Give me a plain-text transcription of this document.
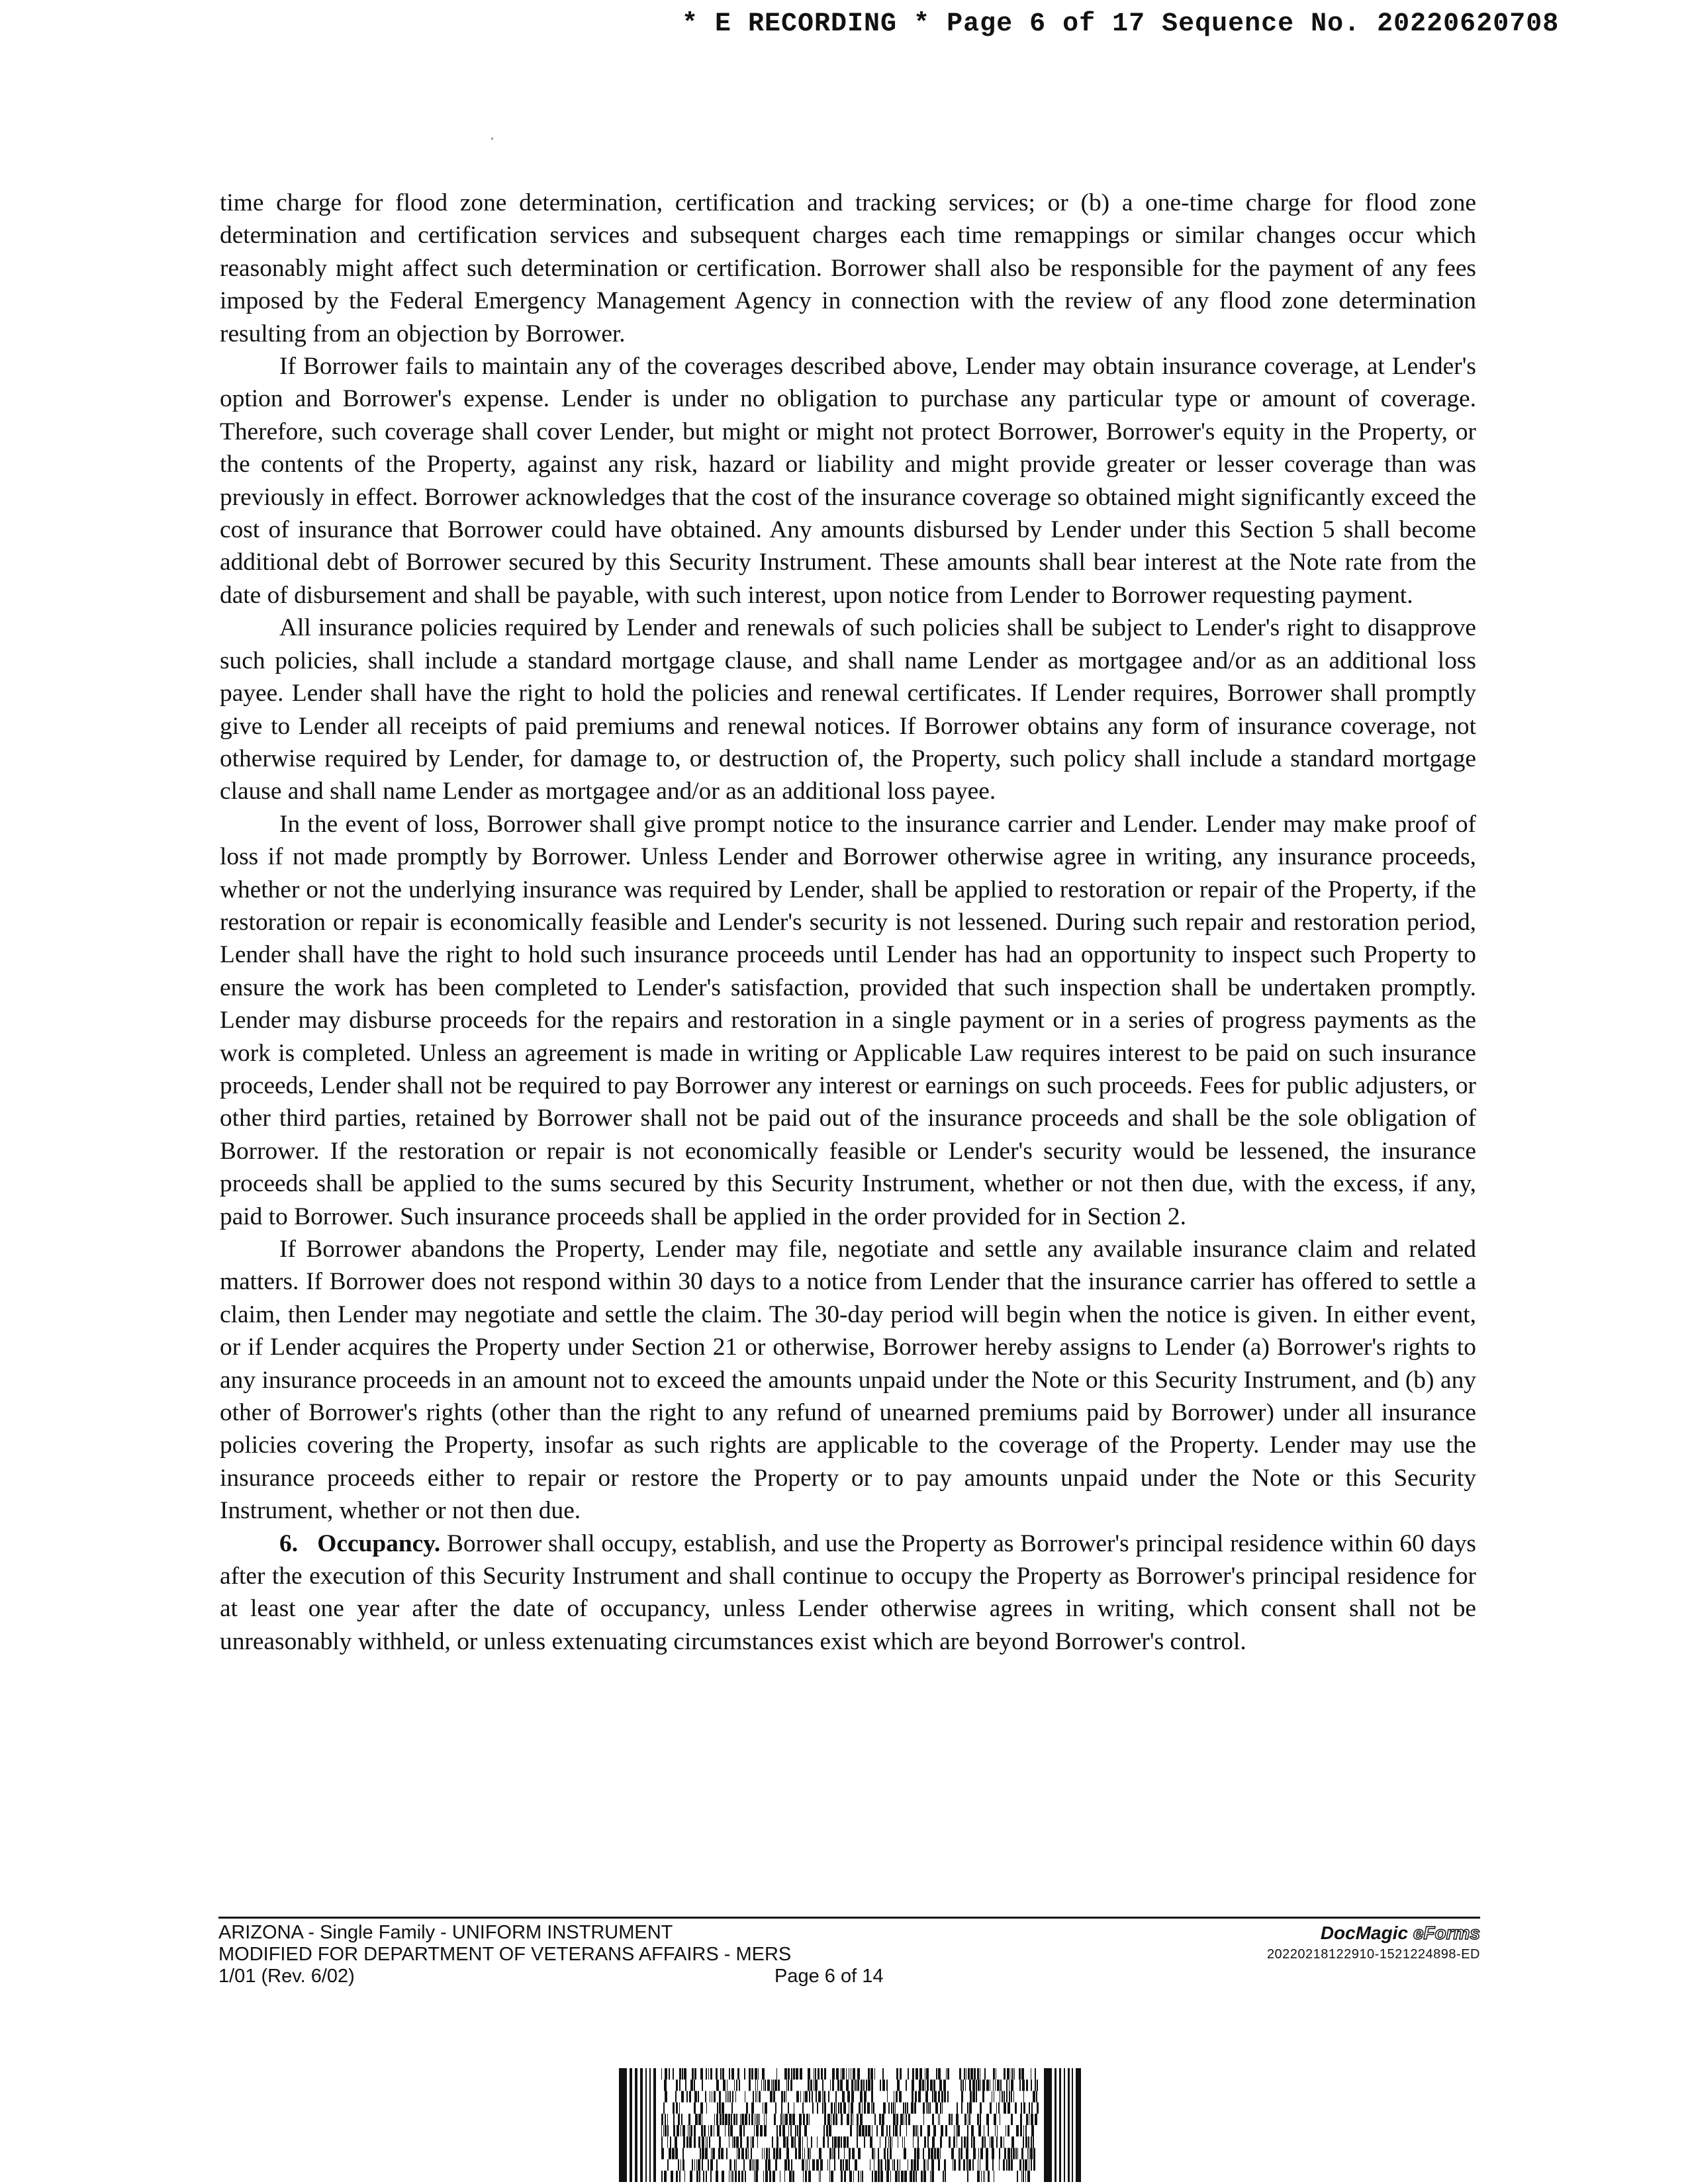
* E RECORDING * Page 6 of 17 Sequence No. 20220620708

time charge for flood zone determination, certification and tracking services; or (b) a one-time charge for flood zone determination and certification services and subsequent charges each time remappings or similar changes occur which reasonably might affect such determination or certification. Borrower shall also be responsible for the payment of any fees imposed by the Federal Emergency Management Agency in connection with the review of any flood zone determination resulting from an objection by Borrower.

If Borrower fails to maintain any of the coverages described above, Lender may obtain insurance coverage, at Lender's option and Borrower's expense. Lender is under no obligation to purchase any particular type or amount of coverage. Therefore, such coverage shall cover Lender, but might or might not protect Borrower, Borrower's equity in the Property, or the contents of the Property, against any risk, hazard or liability and might provide greater or lesser coverage than was previously in effect. Borrower acknowledges that the cost of the insurance coverage so obtained might significantly exceed the cost of insurance that Borrower could have obtained. Any amounts disbursed by Lender under this Section 5 shall become additional debt of Borrower secured by this Security Instrument. These amounts shall bear interest at the Note rate from the date of disbursement and shall be payable, with such interest, upon notice from Lender to Borrower requesting payment.

All insurance policies required by Lender and renewals of such policies shall be subject to Lender's right to disapprove such policies, shall include a standard mortgage clause, and shall name Lender as mortgagee and/or as an additional loss payee. Lender shall have the right to hold the policies and renewal certificates. If Lender requires, Borrower shall promptly give to Lender all receipts of paid premiums and renewal notices. If Borrower obtains any form of insurance coverage, not otherwise required by Lender, for damage to, or destruction of, the Property, such policy shall include a standard mortgage clause and shall name Lender as mortgagee and/or as an additional loss payee.

In the event of loss, Borrower shall give prompt notice to the insurance carrier and Lender. Lender may make proof of loss if not made promptly by Borrower. Unless Lender and Borrower otherwise agree in writing, any insurance proceeds, whether or not the underlying insurance was required by Lender, shall be applied to restoration or repair of the Property, if the restoration or repair is economically feasible and Lender's security is not lessened. During such repair and restoration period, Lender shall have the right to hold such insurance proceeds until Lender has had an opportunity to inspect such Property to ensure the work has been completed to Lender's satisfaction, provided that such inspection shall be undertaken promptly. Lender may disburse proceeds for the repairs and restoration in a single payment or in a series of progress payments as the work is completed. Unless an agreement is made in writing or Applicable Law requires interest to be paid on such insurance proceeds, Lender shall not be required to pay Borrower any interest or earnings on such proceeds. Fees for public adjusters, or other third parties, retained by Borrower shall not be paid out of the insurance proceeds and shall be the sole obligation of Borrower. If the restoration or repair is not economically feasible or Lender's security would be lessened, the insurance proceeds shall be applied to the sums secured by this Security Instrument, whether or not then due, with the excess, if any, paid to Borrower. Such insurance proceeds shall be applied in the order provided for in Section 2.

If Borrower abandons the Property, Lender may file, negotiate and settle any available insurance claim and related matters. If Borrower does not respond within 30 days to a notice from Lender that the insurance carrier has offered to settle a claim, then Lender may negotiate and settle the claim. The 30-day period will begin when the notice is given. In either event, or if Lender acquires the Property under Section 21 or otherwise, Borrower hereby assigns to Lender (a) Borrower's rights to any insurance proceeds in an amount not to exceed the amounts unpaid under the Note or this Security Instrument, and (b) any other of Borrower's rights (other than the right to any refund of unearned premiums paid by Borrower) under all insurance policies covering the Property, insofar as such rights are applicable to the coverage of the Property. Lender may use the insurance proceeds either to repair or restore the Property or to pay amounts unpaid under the Note or this Security Instrument, whether or not then due.

6. Occupancy. Borrower shall occupy, establish, and use the Property as Borrower's principal residence within 60 days after the execution of this Security Instrument and shall continue to occupy the Property as Borrower's principal residence for at least one year after the date of occupancy, unless Lender otherwise agrees in writing, which consent shall not be unreasonably withheld, or unless extenuating circumstances exist which are beyond Borrower's control.

ARIZONA - Single Family - UNIFORM INSTRUMENT
MODIFIED FOR DEPARTMENT OF VETERANS AFFAIRS - MERS
1/01 (Rev. 6/02)	Page 6 of 14
DocMagic eForms
20220218122910-1521224898-ED
